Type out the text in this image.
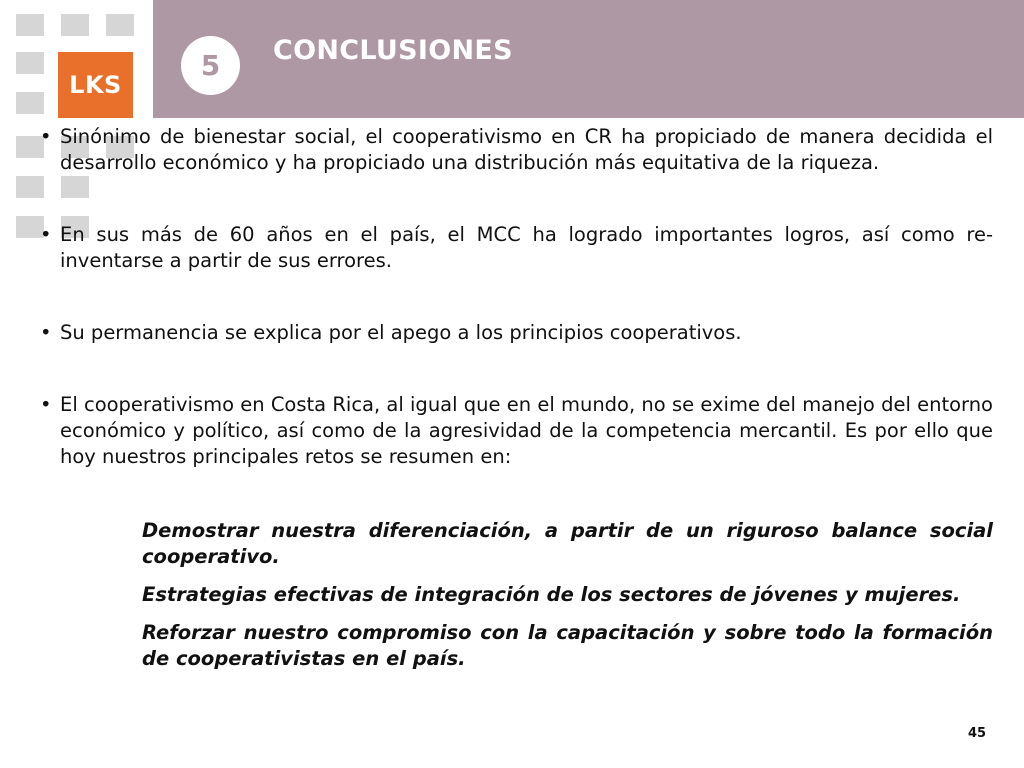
LKS
5	CONCLUSIONES
• Sinónimo de bienestar social, el cooperativismo en CR ha propiciado de manera decidida el desarrollo económico y ha propiciado una distribución más equitativa de la riqueza.
• En sus más de 60 años en el país, el MCC ha logrado importantes logros, así como re-inventarse a partir de sus errores.
• Su permanencia se explica por el apego a los principios cooperativos.
• El cooperativismo en Costa Rica, al igual que en el mundo, no se exime del manejo del entorno económico y político, así como de la agresividad de la competencia mercantil. Es por ello que hoy nuestros principales retos se resumen en:
Demostrar nuestra diferenciación, a partir de un riguroso balance social cooperativo.
Estrategias efectivas de integración de los sectores de jóvenes y mujeres.
Reforzar nuestro compromiso con la capacitación y sobre todo la formación de cooperativistas en el país.
45
